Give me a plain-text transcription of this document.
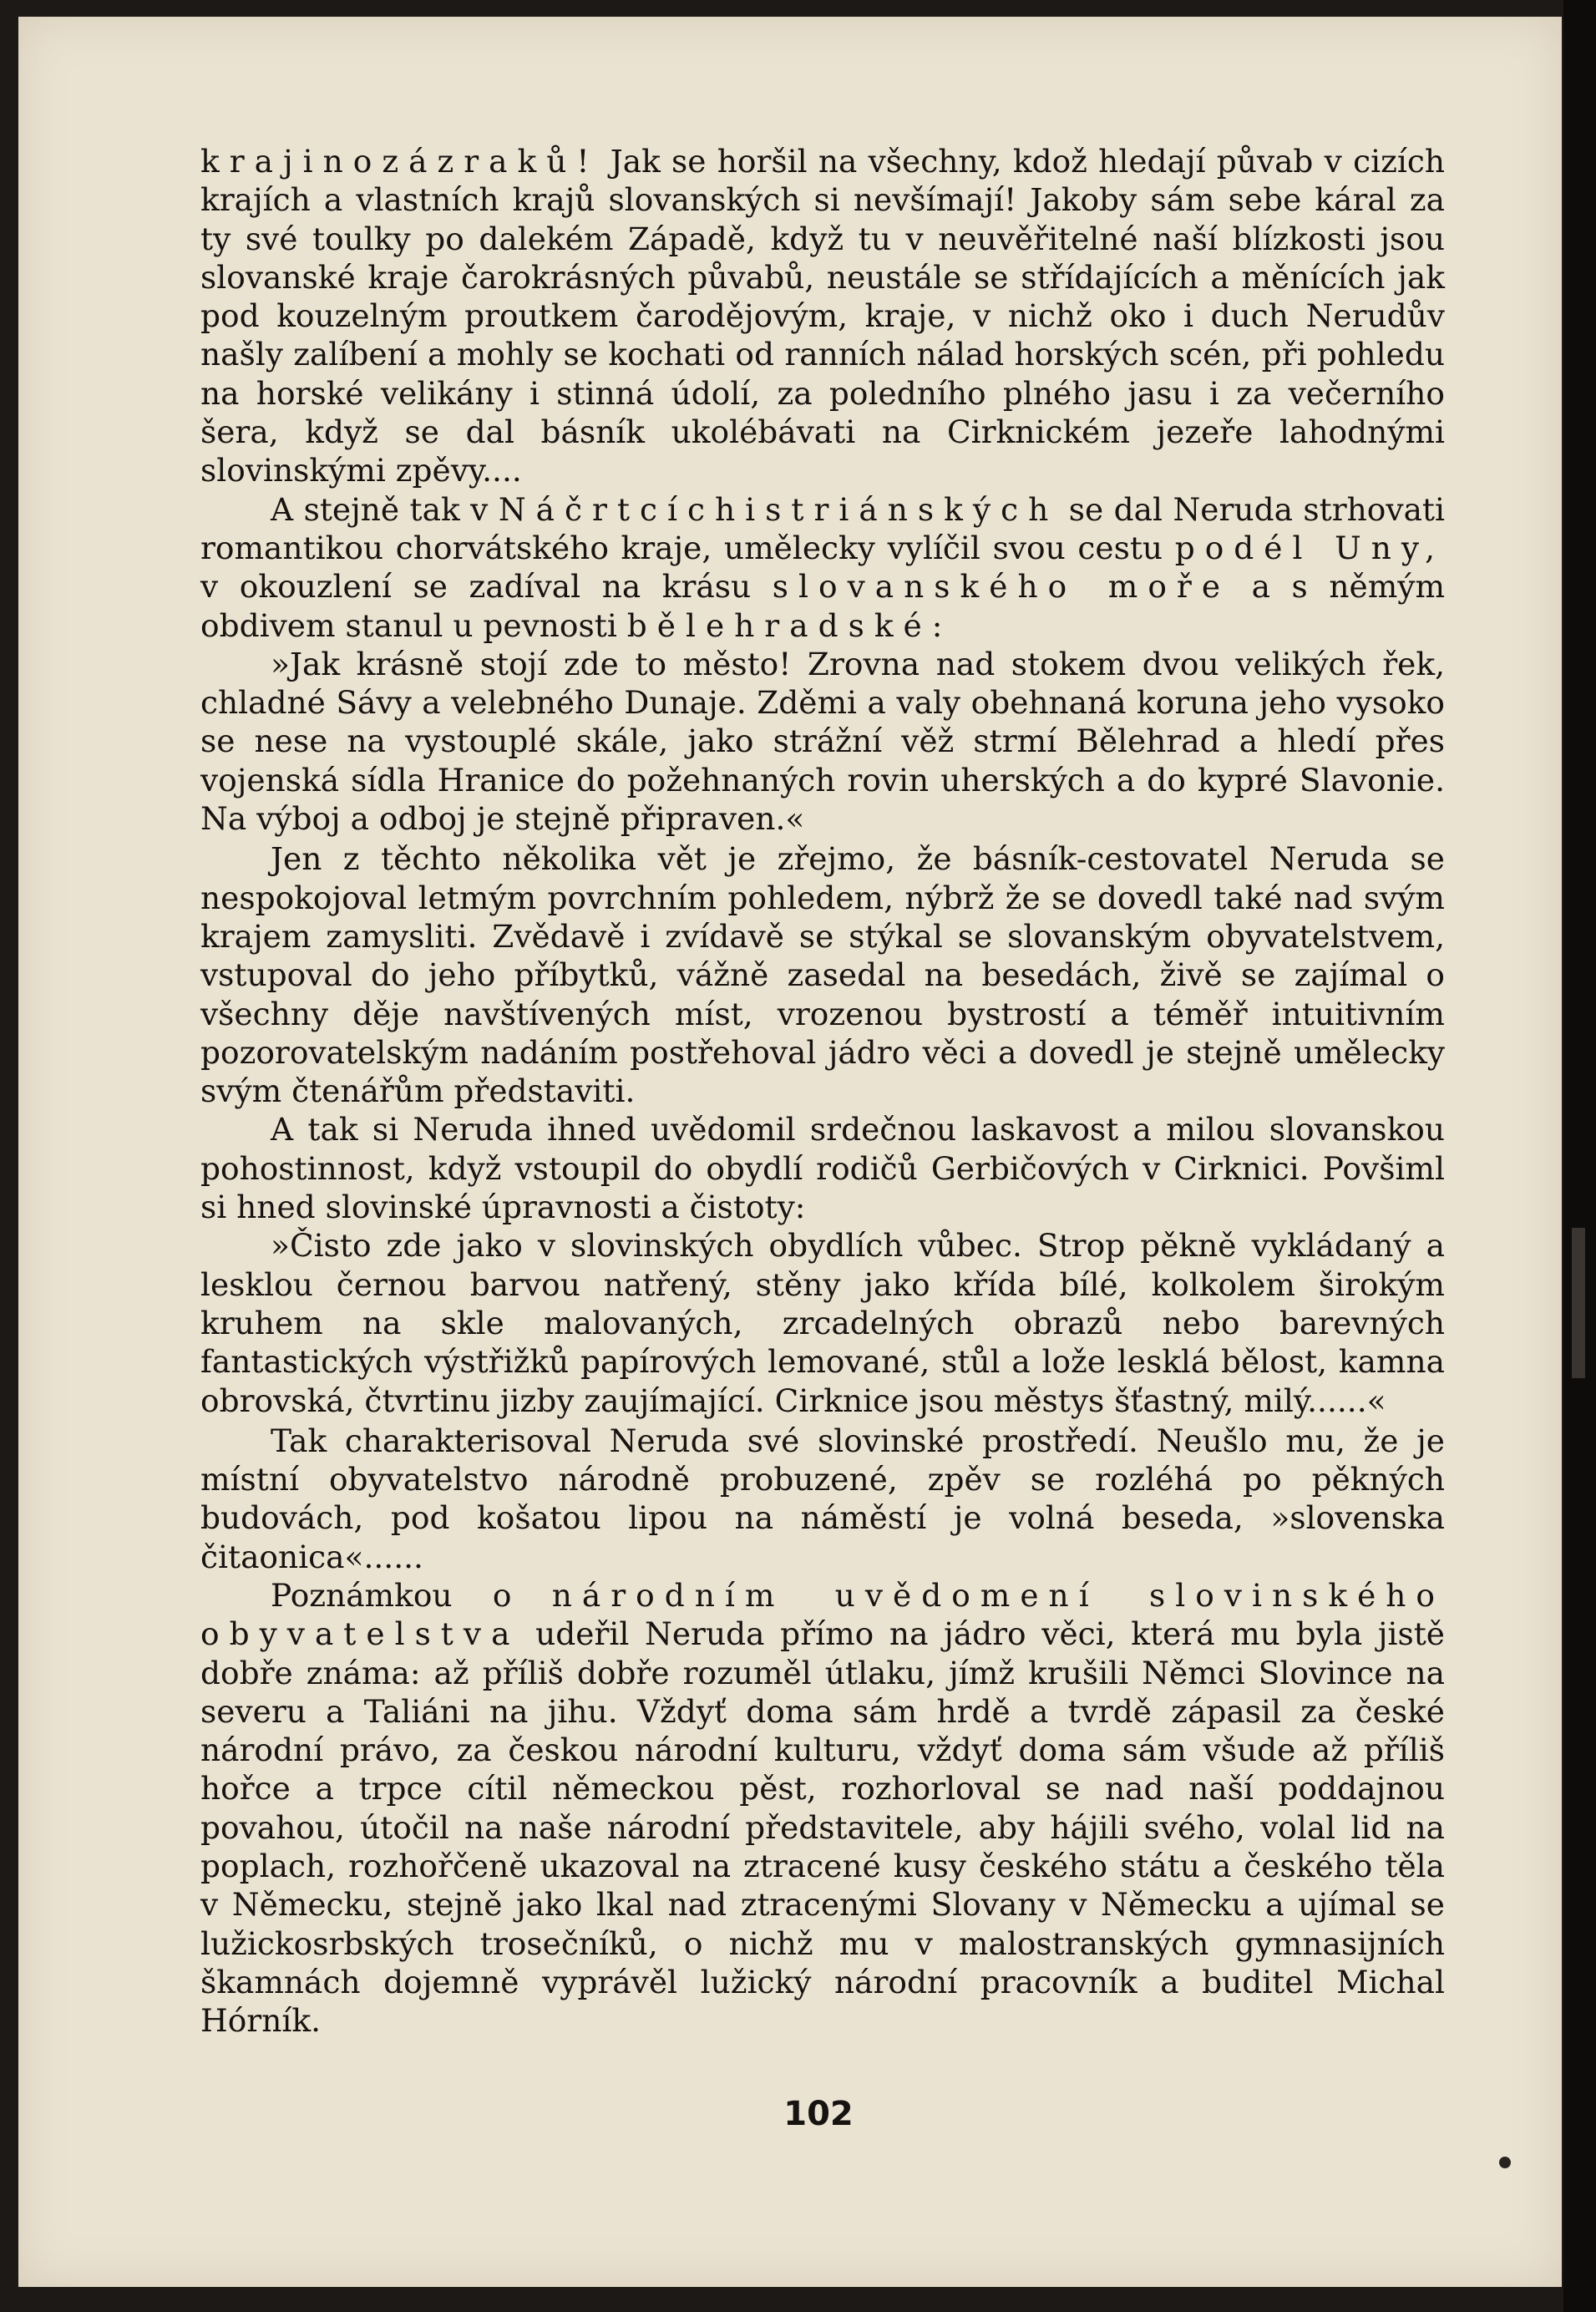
krajinozázraků! Jak se horšil na všechny, kdož hledají půvab v cizích krajích a vlastních krajů slovanských si nevšímají! Jakoby sám sebe káral za ty své toulky po dalekém Západě, když tu v neuvěřitelné naší blízkosti jsou slovanské kraje čarokrásných půvabů, neustále se střídajících a měnících jak pod kouzelným proutkem čarodějovým, kraje, v nichž oko i duch Nerudův našly zalíbení a mohly se kochati od ranních nálad horských scén, při pohledu na horské velikány i stinná údolí, za poledního plného jasu i za večerního šera, když se dal básník ukolébávati na Cirknickém jezeře lahodnými slovinskými zpěvy....

A stejně tak v Náčrtcíchistriánských se dal Neruda strhovati romantikou chorvátského kraje, umělecky vylíčil svou cestu podél Uny, v okouzlení se zadíval na krásu slovanského moře a s němým obdivem stanul u pevnosti bělehradské:

»Jak krásně stojí zde to město! Zrovna nad stokem dvou velikých řek, chladné Sávy a velebného Dunaje. Zděmi a valy obehnaná koruna jeho vysoko se nese na vystouplé skále, jako strážní věž strmí Bělehrad a hledí přes vojenská sídla Hranice do požehnaných rovin uherských a do kypré Slavonie. Na výboj a odboj je stejně připraven.«

Jen z těchto několika vět je zřejmo, že básník-cestovatel Neruda se nespokojoval letmým povrchním pohledem, nýbrž že se dovedl také nad svým krajem zamysliti. Zvědavě i zvídavě se stýkal se slovanským obyvatelstvem, vstupoval do jeho příbytků, vážně zasedal na besedách, živě se zajímal o všechny děje navštívených míst, vrozenou bystrostí a téměř intuitivním pozorovatelským nadáním postřehoval jádro věci a dovedl je stejně umělecky svým čtenářům představiti.

A tak si Neruda ihned uvědomil srdečnou laskavost a milou slovanskou pohostinnost, když vstoupil do obydlí rodičů Gerbičových v Cirknici. Povšiml si hned slovinské úpravnosti a čistoty:

»Čisto zde jako v slovinských obydlích vůbec. Strop pěkně vykládaný a lesklou černou barvou natřený, stěny jako křída bílé, kolkolem širokým kruhem na skle malovaných, zrcadelných obrazů nebo barevných fantastických výstřižků papírových lemované, stůl a lože lesklá bělost, kamna obrovská, čtvrtinu jizby zaujímající. Cirknice jsou městys šťastný, milý......«

Tak charakterisoval Neruda své slovinské prostředí. Neušlo mu, že je místní obyvatelstvo národně probuzené, zpěv se rozléhá po pěkných budovách, pod košatou lipou na náměstí je volná beseda, »slovenska čitaonica«......

Poznámkou o národním uvědomení slovinského obyvatelstva udeřil Neruda přímo na jádro věci, která mu byla jistě dobře známa: až příliš dobře rozuměl útlaku, jímž krušili Němci Slovince na severu a Taliáni na jihu. Vždyť doma sám hrdě a tvrdě zápasil za české národní právo, za českou národní kulturu, vždyť doma sám všude až příliš hořce a trpce cítil německou pěst, rozhorloval se nad naší poddajnou povahou, útočil na naše národní představitele, aby hájili svého, volal lid na poplach, rozhořčeně ukazoval na ztracené kusy českého státu a českého těla v Německu, stejně jako lkal nad ztracenými Slovany v Německu a ujímal se lužickosrbských trosečníků, o nichž mu v malostranských gymnasijních škamnách dojemně vyprávěl lužický národní pracovník a buditel Michal Hórník.

102
